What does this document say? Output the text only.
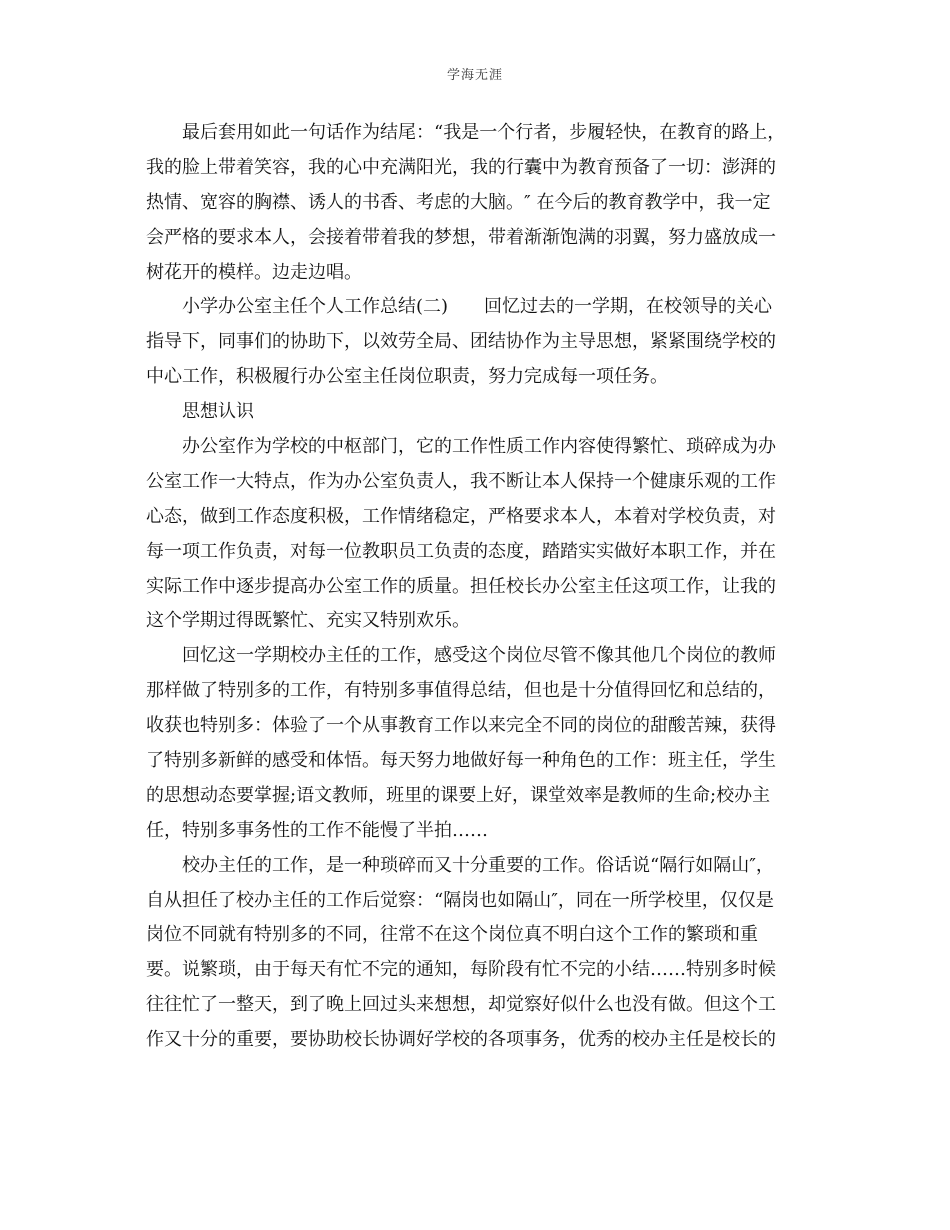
学海无涯
最后套用如此一句话作为结尾：“我是一个行者，步履轻快，在教育的路上，
我的脸上带着笑容，我的心中充满阳光，我的行囊中为教育预备了一切：澎湃的
热情、宽容的胸襟、诱人的书香、考虑的大脑。″ 在今后的教育教学中，我一定
会严格的要求本人，会接着带着我的梦想，带着渐渐饱满的羽翼，努力盛放成一
树花开的模样。边走边唱。
小学办公室主任个人工作总结(二)　　回忆过去的一学期，在校领导的关心
指导下，同事们的协助下，以效劳全局、团结协作为主导思想，紧紧围绕学校的
中心工作，积极履行办公室主任岗位职责，努力完成每一项任务。
思想认识
办公室作为学校的中枢部门，它的工作性质工作内容使得繁忙、琐碎成为办
公室工作一大特点，作为办公室负责人，我不断让本人保持一个健康乐观的工作
心态，做到工作态度积极，工作情绪稳定，严格要求本人，本着对学校负责，对
每一项工作负责，对每一位教职员工负责的态度，踏踏实实做好本职工作，并在
实际工作中逐步提高办公室工作的质量。担任校长办公室主任这项工作，让我的
这个学期过得既繁忙、充实又特别欢乐。
回忆这一学期校办主任的工作，感受这个岗位尽管不像其他几个岗位的教师
那样做了特别多的工作，有特别多事值得总结，但也是十分值得回忆和总结的，
收获也特别多：体验了一个从事教育工作以来完全不同的岗位的甜酸苦辣，获得
了特别多新鲜的感受和体悟。每天努力地做好每一种角色的工作：班主任，学生
的思想动态要掌握;语文教师，班里的课要上好，课堂效率是教师的生命;校办主
任，特别多事务性的工作不能慢了半拍……
校办主任的工作，是一种琐碎而又十分重要的工作。俗话说“隔行如隔山″，
自从担任了校办主任的工作后觉察：“隔岗也如隔山″，同在一所学校里，仅仅是
岗位不同就有特别多的不同，往常不在这个岗位真不明白这个工作的繁琐和重
要。说繁琐，由于每天有忙不完的通知，每阶段有忙不完的小结……特别多时候
往往忙了一整天，到了晚上回过头来想想，却觉察好似什么也没有做。但这个工
作又十分的重要，要协助校长协调好学校的各项事务，优秀的校办主任是校长的
